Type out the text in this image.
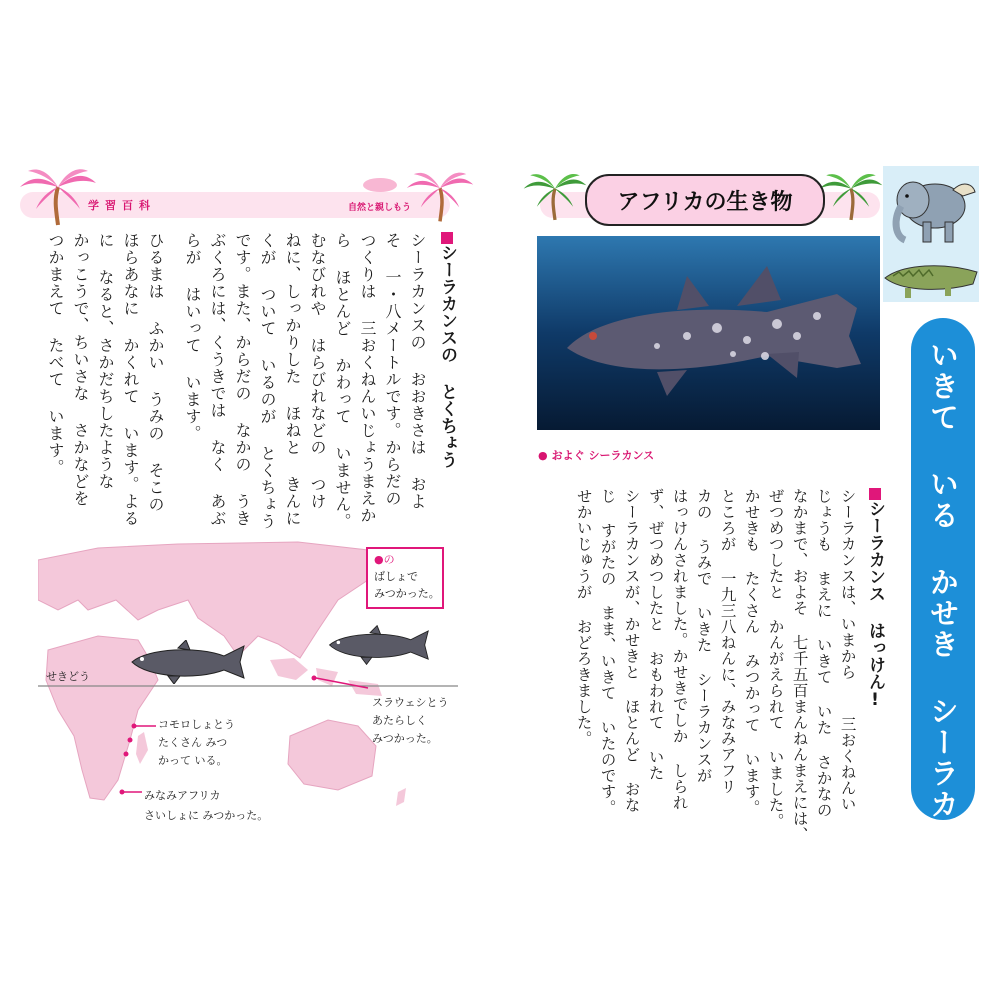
学習百科	自然と親しもう
シーラカンスの とくちょう
シーラカンスの おおきさは およ
そ 一・八メートルです。からだの
つくりは 三おくねんいじょうまえか
ら ほとんど かわって いません。
むなびれや はらびれなどの つけ
ねに、しっかりした ほねと きんに
くが ついて いるのが とくちょう
です。また、からだの なかの うき
ぶくろには、くうきでは なく あぶ
らが はいって います。
ひるまは ふかい うみの そこの
ほらあなに かくれて います。よる
に なると、さかだちしたような
かっこうで、ちいさな さかなどを
つかまえて たべて います。
●の
ばしょで
みつかった。
せきどう
コモロしょとう
たくさん みつ
かって いる。
スラウェシとう
あたらしく
みつかった。
みなみアフリカ
さいしょに みつかった。
アフリカの生き物
● およぐ シーラカンス	いきて いる かせき シーラカンス
シーラカンス はっけん!
シーラカンスは、いまから
三おくねんい
じょうも まえに いきて いた さかなの
なかまで、およそ 七千五百まんねんまえには、
ぜつめつしたと かんがえられて いました。
かせきも たくさん みつかって います。
ところが 一九三八ねんに、みなみアフリ
カの うみで いきた シーラカンスが
はっけんされました。かせきでしか しられ
ず、ぜつめつしたと おもわれて いた
シーラカンスが、かせきと ほとんど おな
じ すがたの まま、いきて いたのです。
せかいじゅうが おどろきました。
